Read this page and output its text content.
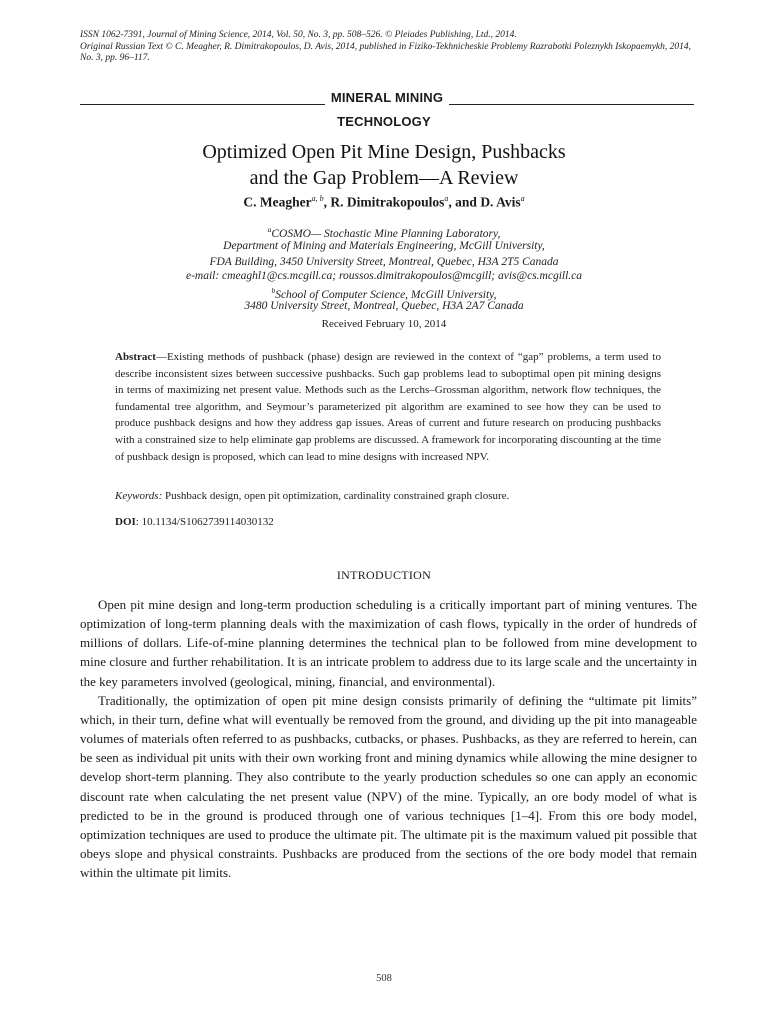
ISSN 1062-7391, Journal of Mining Science, 2014, Vol. 50, No. 3, pp. 508–526. © Pleiades Publishing, Ltd., 2014.
Original Russian Text © C. Meagher, R. Dimitrakopoulos, D. Avis, 2014, published in Fiziko-Tekhnicheskie Problemy Razrabotki Poleznykh Iskopaemykh, 2014, No. 3, pp. 96–117.
MINERAL MINING
TECHNOLOGY
Optimized Open Pit Mine Design, Pushbacks
and the Gap Problem—A Review
C. Meagher$^{a, b}$, R. Dimitrakopoulos$^a$, and D. Avis$^a$
$^a$COSMO— Stochastic Mine Planning Laboratory,
Department of Mining and Materials Engineering, McGill University,
FDA Building, 3450 University Street, Montreal, Quebec, H3A 2T5 Canada
e-mail: cmeaghl1@cs.mcgill.ca; roussos.dimitrakopoulos@mcgill; avis@cs.mcgill.ca
$^b$School of Computer Science, McGill University,
3480 University Street, Montreal, Quebec, H3A 2A7 Canada
Received February 10, 2014
Abstract—Existing methods of pushback (phase) design are reviewed in the context of “gap” problems, a term used to describe inconsistent sizes between successive pushbacks. Such gap problems lead to suboptimal open pit mining designs in terms of maximizing net present value. Methods such as the Lerchs–Grossman algorithm, network flow techniques, the fundamental tree algorithm, and Seymour’s parameterized pit algorithm are examined to see how they can be used to produce pushback designs and how they address gap issues. Areas of current and future research on producing pushbacks with a constrained size to help eliminate gap problems are discussed. A framework for incorporating discounting at the time of pushback design is proposed, which can lead to mine designs with increased NPV.
Keywords: Pushback design, open pit optimization, cardinality constrained graph closure.
DOI: 10.1134/S1062739114030132
INTRODUCTION

Open pit mine design and long-term production scheduling is a critically important part of mining ventures. The optimization of long-term planning deals with the maximization of cash flows, typically in the order of hundreds of millions of dollars. Life-of-mine planning determines the technical plan to be followed from mine development to mine closure and further rehabilitation. It is an intricate problem to address due to its large scale and the uncertainty in the key parameters involved (geological, mining, financial, and environmental).

Traditionally, the optimization of open pit mine design consists primarily of defining the “ultimate pit limits” which, in their turn, define what will eventually be removed from the ground, and dividing up the pit into manageable volumes of materials often referred to as pushbacks, cutbacks, or phases. Pushbacks, as they are referred to herein, can be seen as individual pit units with their own working front and mining dynamics while allowing the mine designer to develop short-term planning. They also contribute to the yearly production schedules so one can apply an economic discount rate when calculating the net present value (NPV) of the mine. Typically, an ore body model of what is predicted to be in the ground is produced through one of various techniques [1–4]. From this ore body model, optimization techniques are used to produce the ultimate pit. The ultimate pit is the maximum valued pit possible that obeys slope and physical constraints. Pushbacks are produced from the sections of the ore body model that remain within the ultimate pit limits.

508
